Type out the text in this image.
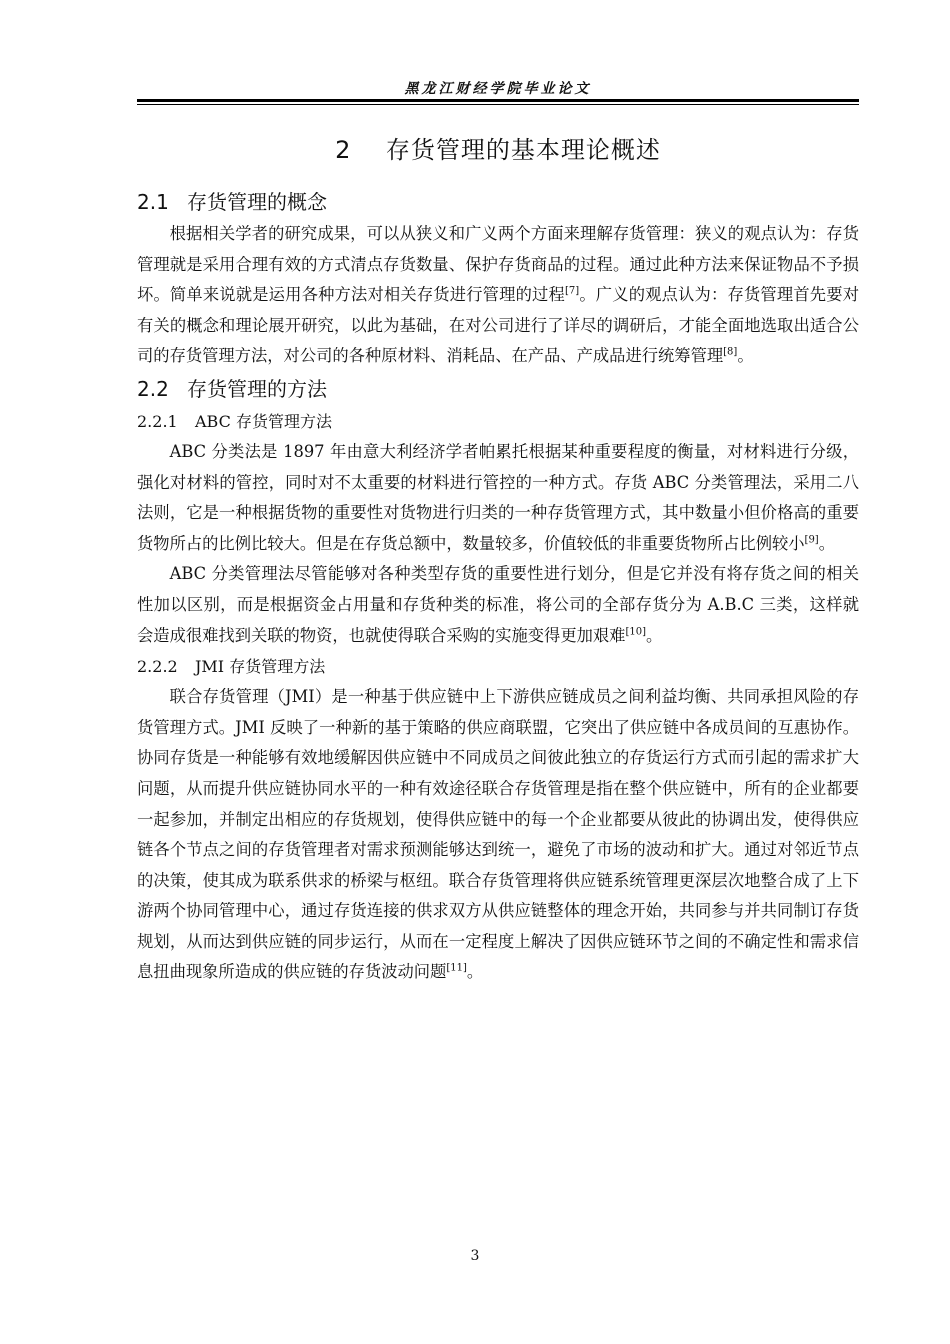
黑龙江财经学院毕业论文
2 存货管理的基本理论概述
2.1 存货管理的概念

根据相关学者的研究成果，可以从狭义和广义两个方面来理解存货管理：狭义的观点认为：存货管理就是采用合理有效的方式清点存货数量、保护存货商品的过程。通过此种方法来保证物品不予损坏。简单来说就是运用各种方法对相关存货进行管理的过程[7]。广义的观点认为：存货管理首先要对有关的概念和理论展开研究，以此为基础，在对公司进行了详尽的调研后，才能全面地选取出适合公司的存货管理方法，对公司的各种原材料、消耗品、在产品、产成品进行统筹管理[8]。

2.2 存货管理的方法
2.2.1 ABC 存货管理方法

ABC 分类法是 1897 年由意大利经济学者帕累托根据某种重要程度的衡量，对材料进行分级，强化对材料的管控，同时对不太重要的材料进行管控的一种方式。存货 ABC 分类管理法，采用二八法则，它是一种根据货物的重要性对货物进行归类的一种存货管理方式，其中数量小但价格高的重要货物所占的比例比较大。但是在存货总额中，数量较多，价值较低的非重要货物所占比例较小[9]。

ABC 分类管理法尽管能够对各种类型存货的重要性进行划分，但是它并没有将存货之间的相关性加以区别，而是根据资金占用量和存货种类的标准，将公司的全部存货分为 A.B.C 三类，这样就会造成很难找到关联的物资，也就使得联合采购的实施变得更加艰难[10]。

2.2.2 JMI 存货管理方法

联合存货管理（JMI）是一种基于供应链中上下游供应链成员之间利益均衡、共同承担风险的存货管理方式。JMI 反映了一种新的基于策略的供应商联盟，它突出了供应链中各成员间的互惠协作。协同存货是一种能够有效地缓解因供应链中不同成员之间彼此独立的存货运行方式而引起的需求扩大问题，从而提升供应链协同水平的一种有效途径联合存货管理是指在整个供应链中，所有的企业都要一起参加，并制定出相应的存货规划，使得供应链中的每一个企业都要从彼此的协调出发，使得供应链各个节点之间的存货管理者对需求预测能够达到统一，避免了市场的波动和扩大。通过对邻近节点的决策，使其成为联系供求的桥梁与枢纽。联合存货管理将供应链系统管理更深层次地整合成了上下游两个协同管理中心，通过存货连接的供求双方从供应链整体的理念开始，共同参与并共同制订存货规划，从而达到供应链的同步运行，从而在一定程度上解决了因供应链环节之间的不确定性和需求信息扭曲现象所造成的供应链的存货波动问题[11]。

3
